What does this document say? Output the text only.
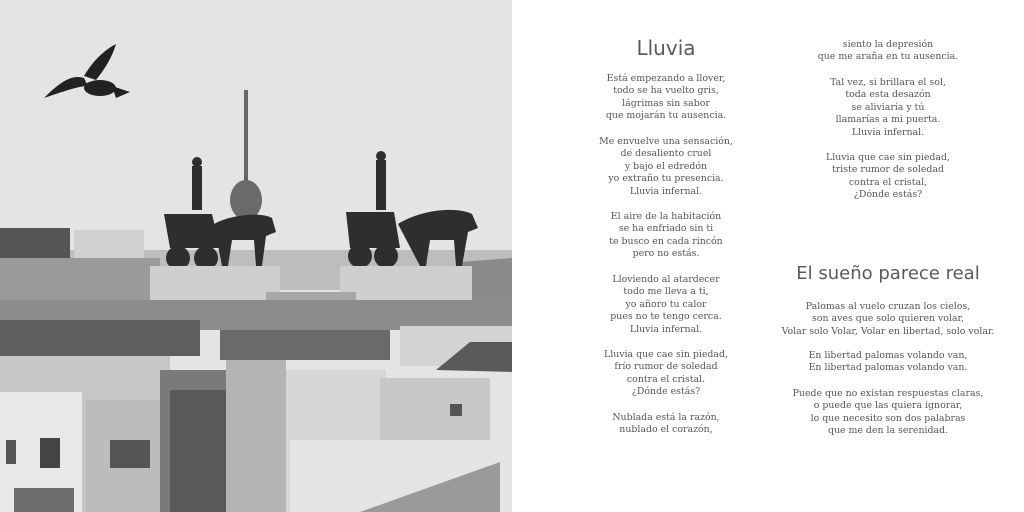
Lluvia
Está empezando a llover,
todo se ha vuelto gris,
lágrimas sin sabor
que mojarán tu ausencia.
Me envuelve una sensación,
de desaliento cruel
y bajo el edredón
yo extraño tu presencia.
Lluvia infernal.
El aire de la habitación
se ha enfriado sin ti
te busco en cada rincón
pero no estás.
Lloviendo al atardecer
todo me lleva a ti,
yo añoro tu calor
pues no te tengo cerca.
Lluvia infernal.
Lluvia que cae sin piedad,
frío rumor de soledad
contra el cristal.
¿Dónde estás?
Nublada está la razón,
nublado el corazón,
siento la depresión
que me araña en tu ausencia.
Tal vez, si brillara el sol,
toda esta desazón
se aliviaría y tú
llamarías a mi puerta.
Lluvia infernal.
Lluvia que cae sin piedad,
triste rumor de soledad
contra el cristal,
¿Dónde estás?
El sueño parece real
Palomas al vuelo cruzan los cielos,
son aves que solo quieren volar,
Volar solo Volar, Volar en libertad, solo volar.
En libertad palomas volando van,
En libertad palomas volando van.
Puede que no existan respuestas claras,
o puede que las quiera ignorar,
lo que necesito son dos palabras
que me den la serenidad.
